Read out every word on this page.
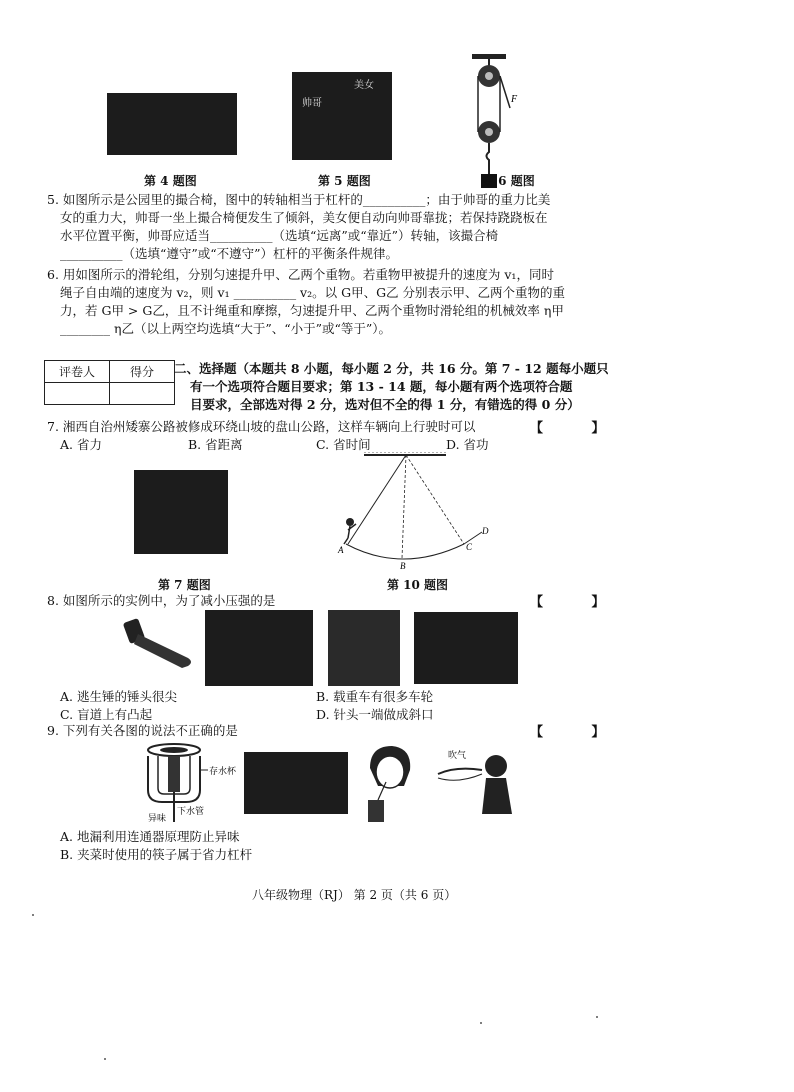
第 4 题图
帅哥
美女
第 5 题图
F
第 6 题图
5. 如图所示是公园里的撮合椅，图中的转轴相当于杠杆的__________；由于帅哥的重力比美
女的重力大，帅哥一坐上撮合椅便发生了倾斜，美女便自动向帅哥靠拢；若保持跷跷板在
水平位置平衡，帅哥应适当__________（选填“远离”或“靠近”）转轴，该撮合椅
__________（选填“遵守”或“不遵守”）杠杆的平衡条件规律。
6. 用如图所示的滑轮组，分别匀速提升甲、乙两个重物。若重物甲被提升的速度为 v₁，同时
绳子自由端的速度为 v₂，则 v₁ __________ v₂。以 G甲、G乙 分别表示甲、乙两个重物的重
力，若 G甲 > G乙，且不计绳重和摩擦，匀速提升甲、乙两个重物时滑轮组的机械效率 η甲
________ η乙（以上两空均选填“大于”、“小于”或“等于”）。
评卷人	得分
	二、选择题（本题共 8 小题，每小题 2 分，共 16 分。第 7 - 12 题每小题只
有一个选项符合题目要求；第 13 - 14 题，每小题有两个选项符合题
目要求，全部选对得 2 分，选对但不全的得 1 分，有错选的得 0 分）
7. 湘西自治州矮寨公路被修成环绕山坡的盘山公路，这样车辆向上行驶时可以	【 】
A. 省力	B. 省距离	C. 省时间	D. 省功
第 7 题图
A
B
C
D
第 10 题图
8. 如图所示的实例中，为了减小压强的是	【 】
A. 逃生锤的锤头很尖	B. 载重车有很多车轮
C. 盲道上有凸起	D. 针头一端做成斜口
9. 下列有关各图的说法不正确的是	【 】
存水杯
下水管
异味
吹气
A. 地漏利用连通器原理防止异味
B. 夹菜时使用的筷子属于省力杠杆
八年级物理（RJ） 第 2 页（共 6 页）
